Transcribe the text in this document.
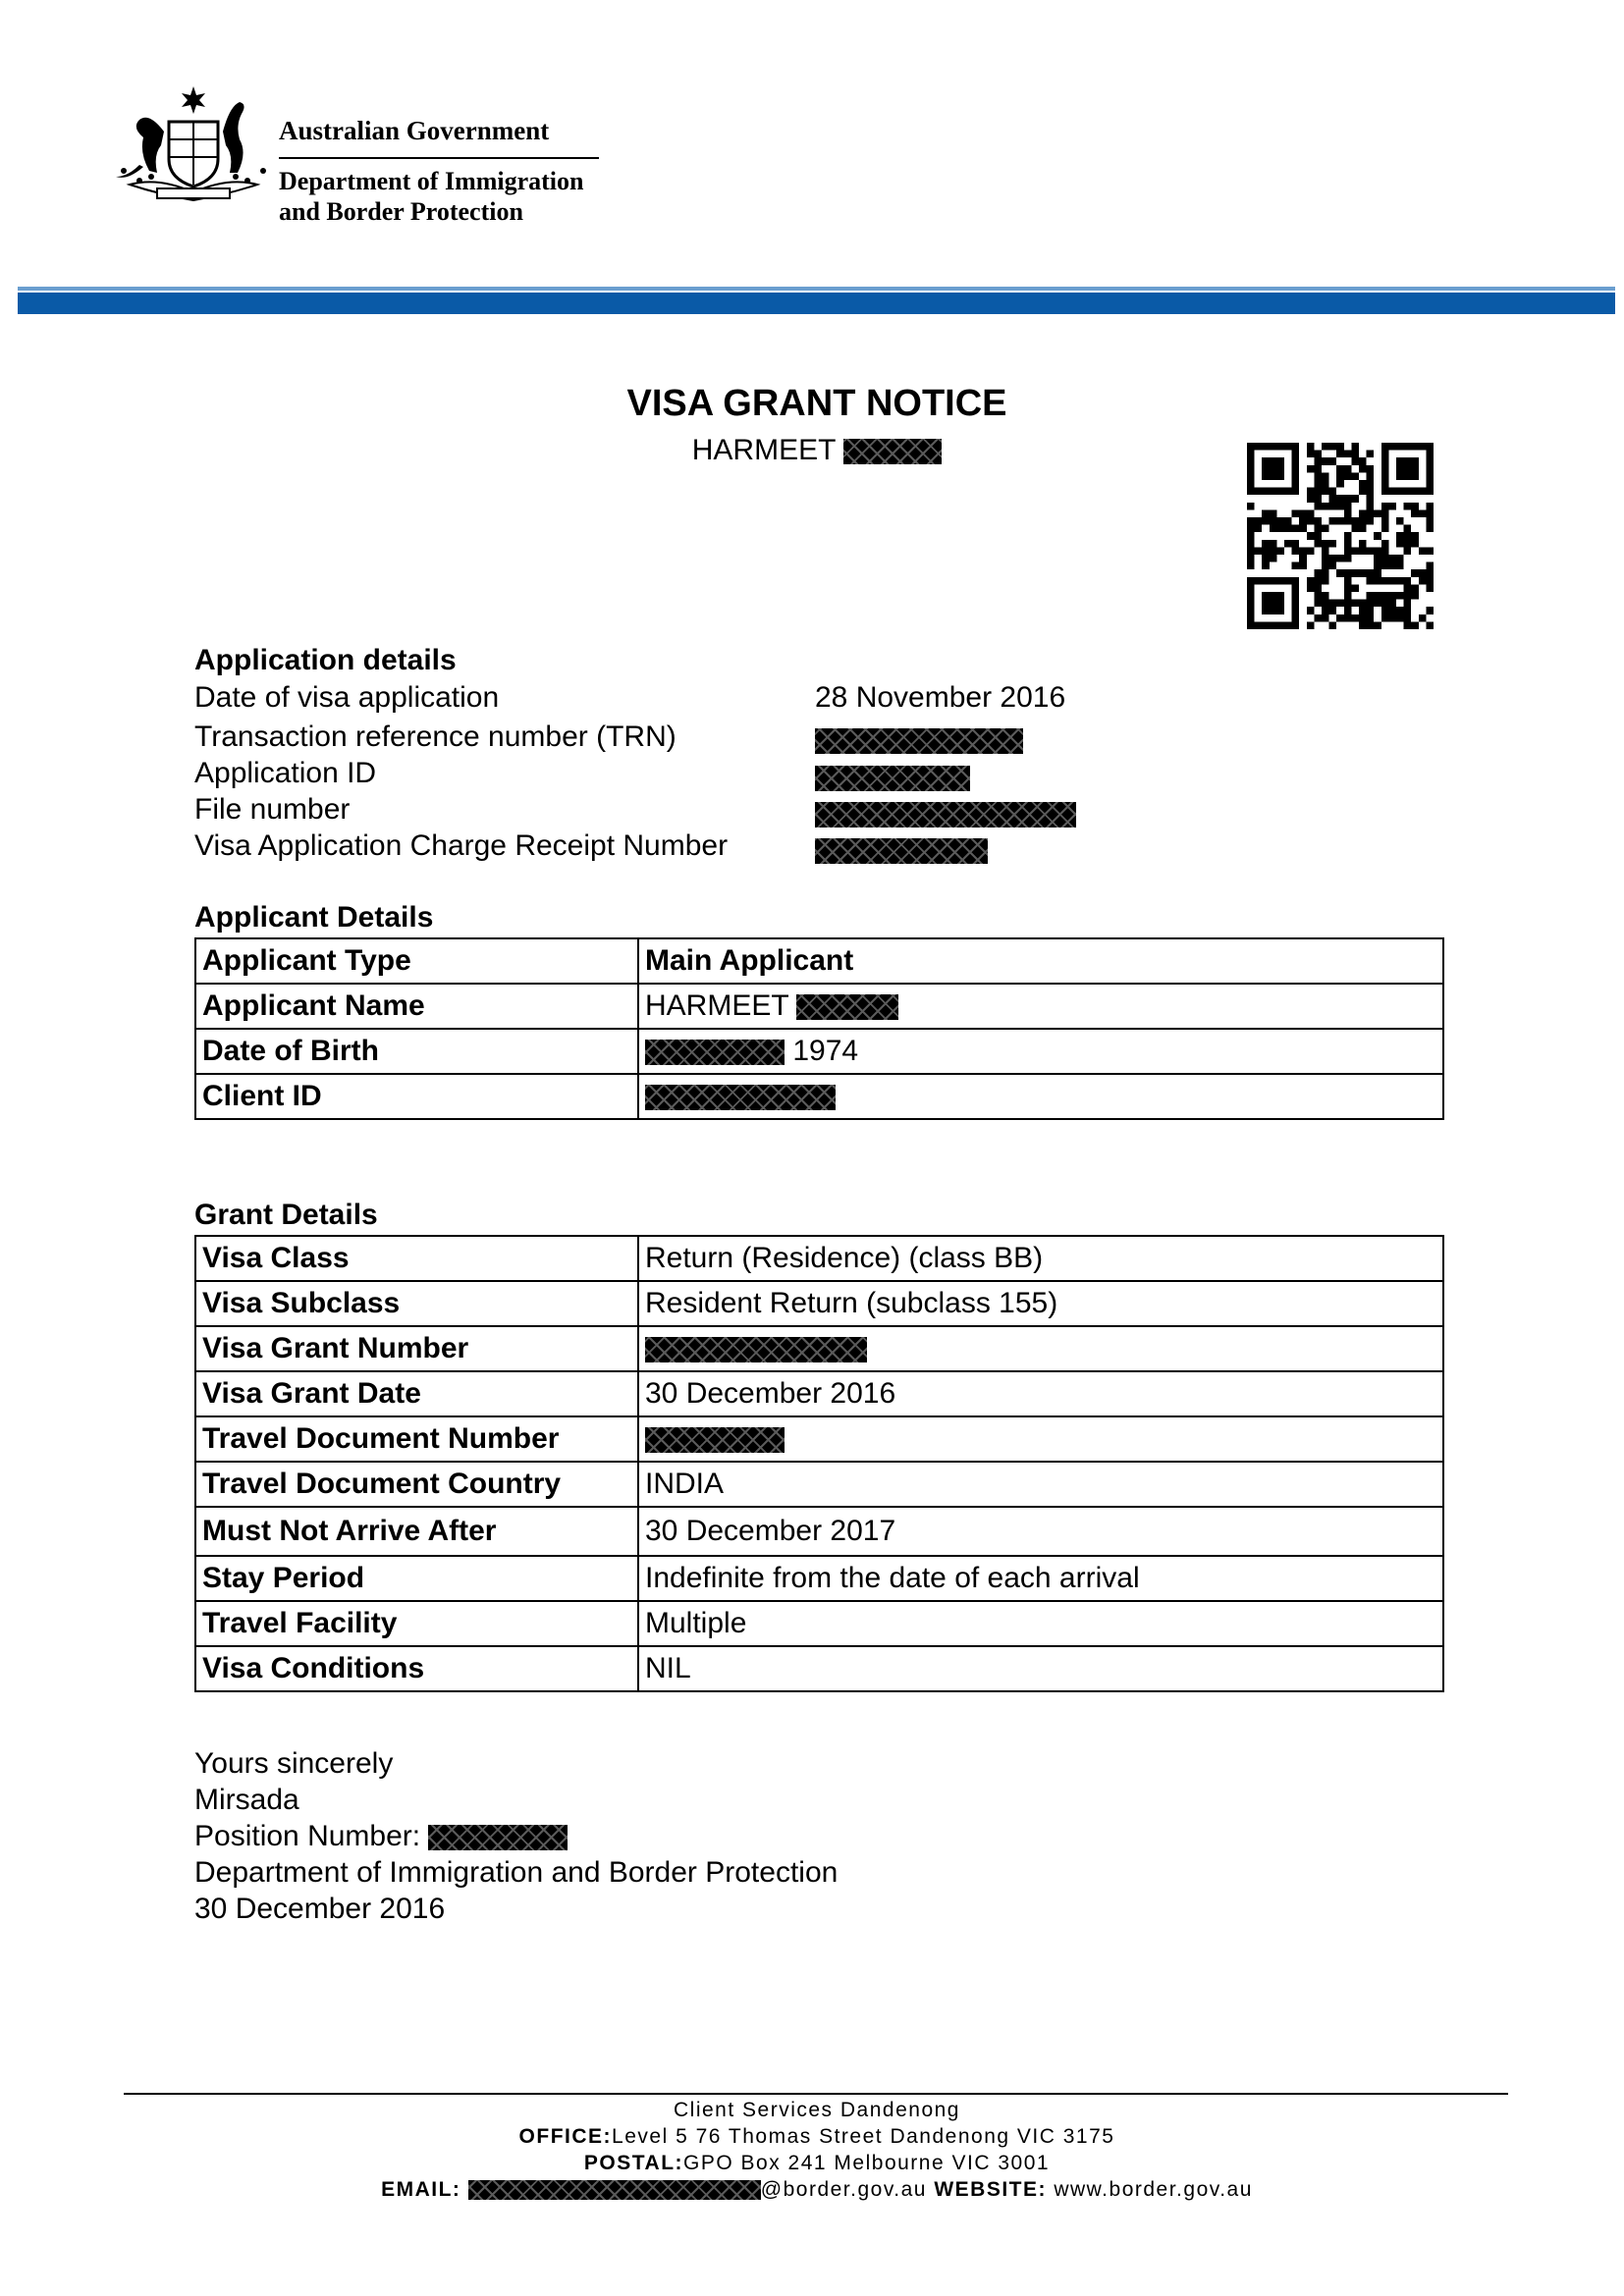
Australian Government
Department of Immigration
and Border Protection
VISA GRANT NOTICE
HARMEET
Application details
Date of visa application	28 November 2016
Transaction reference number (TRN)
Application ID
File number
Visa Application Charge Receipt Number
Applicant Details
Applicant Type	Main Applicant
Applicant Name	HARMEET
Date of Birth	1974
Client ID	
Grant Details
Visa Class	Return (Residence) (class BB)
Visa Subclass	Resident Return (subclass 155)
Visa Grant Number	
Visa Grant Date	30 December 2016
Travel Document Number	
Travel Document Country	INDIA
Must Not Arrive After	30 December 2017
Stay Period	Indefinite from the date of each arrival
Travel Facility	Multiple
Visa Conditions	NIL
Yours sincerely
Mirsada
Position Number:
Department of Immigration and Border Protection
30 December 2016
Client Services Dandenong
OFFICE:Level 5 76 Thomas Street Dandenong VIC 3175
POSTAL:GPO Box 241 Melbourne VIC 3001
EMAIL:	@border.gov.au WEBSITE: www.border.gov.au
